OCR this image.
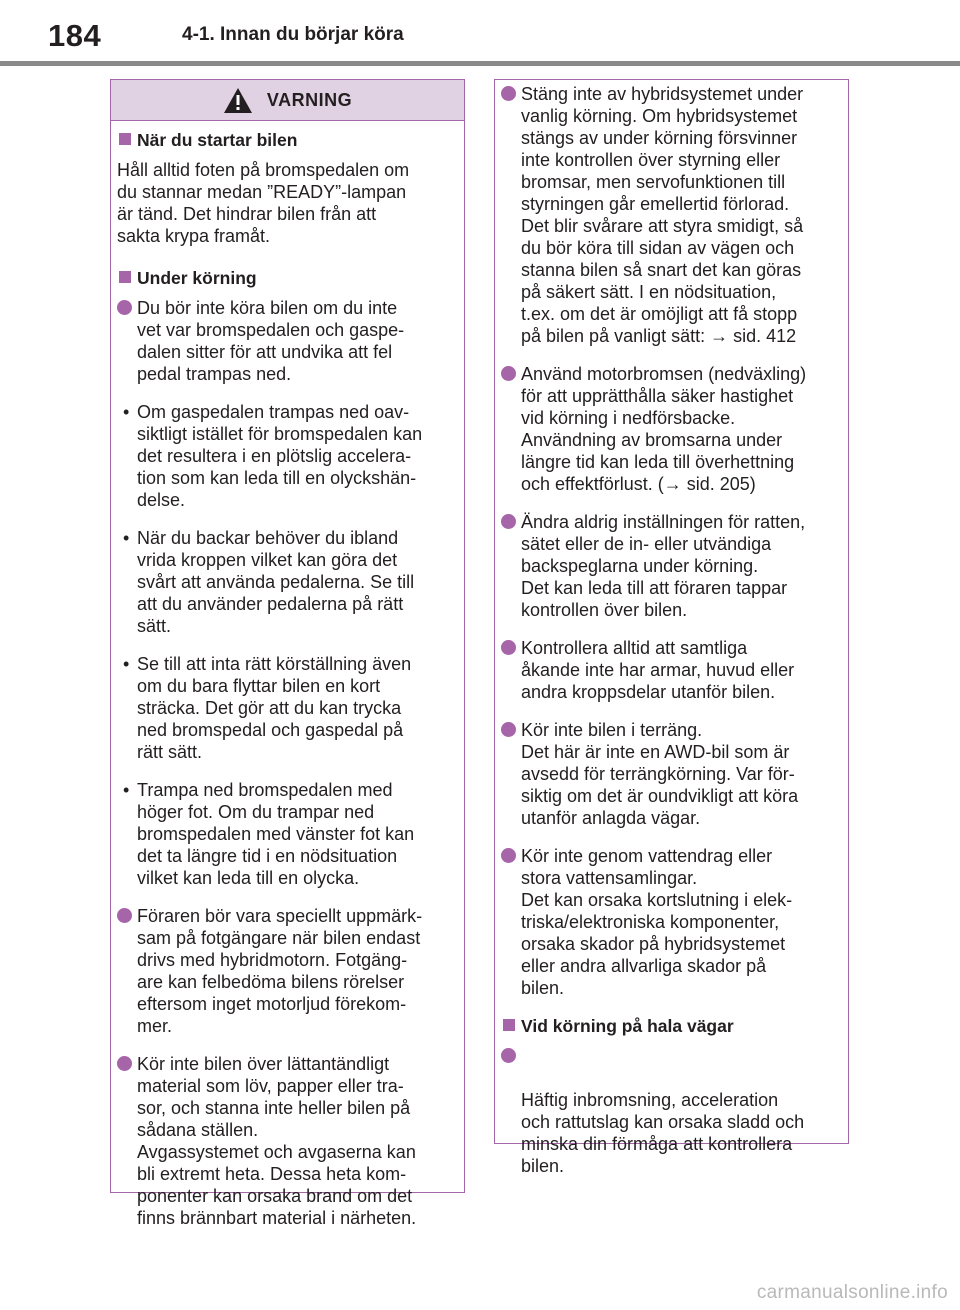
184	4-1. Innan du börjar köra
VARNING
När du startar bilen
Håll alltid foten på bromspedalen om
du stannar medan ”READY”-lampan
är tänd. Det hindrar bilen från att
sakta krypa framåt.
Under körning
Du bör inte köra bilen om du inte
vet var bromspedalen och gaspe-
dalen sitter för att undvika att fel
pedal trampas ned.
• Om gaspedalen trampas ned oav-
siktligt istället för bromspedalen kan
det resultera i en plötslig accelera-
tion som kan leda till en olyckshän-
delse.
• När du backar behöver du ibland
vrida kroppen vilket kan göra det
svårt att använda pedalerna. Se till
att du använder pedalerna på rätt
sätt.
• Se till att inta rätt körställning även
om du bara flyttar bilen en kort
sträcka. Det gör att du kan trycka
ned bromspedal och gaspedal på
rätt sätt.
• Trampa ned bromspedalen med
höger fot. Om du trampar ned
bromspedalen med vänster fot kan
det ta längre tid i en nödsituation
vilket kan leda till en olycka.
Föraren bör vara speciellt uppmärk-
sam på fotgängare när bilen endast
drivs med hybridmotorn. Fotgäng-
are kan felbedöma bilens rörelser
eftersom inget motorljud förekom-
mer.
Kör inte bilen över lättantändligt
material som löv, papper eller tra-
sor, och stanna inte heller bilen på
sådana ställen.
Avgassystemet och avgaserna kan
bli extremt heta. Dessa heta kom-
ponenter kan orsaka brand om det
finns brännbart material i närheten.
Stäng inte av hybridsystemet under
vanlig körning. Om hybridsystemet
stängs av under körning försvinner
inte kontrollen över styrning eller
bromsar, men servofunktionen till
styrningen går emellertid förlorad.
Det blir svårare att styra smidigt, så
du bör köra till sidan av vägen och
stanna bilen så snart det kan göras
på säkert sätt. I en nödsituation,
t.ex. om det är omöjligt att få stopp
på bilen på vanligt sätt: → sid. 412
Använd motorbromsen (nedväxling)
för att upprätthålla säker hastighet
vid körning i nedförsbacke.
Användning av bromsarna under
längre tid kan leda till överhettning
och effektförlust. (→ sid. 205)
Ändra aldrig inställningen för ratten,
sätet eller de in- eller utvändiga
backspeglarna under körning.
Det kan leda till att föraren tappar
kontrollen över bilen.
Kontrollera alltid att samtliga
åkande inte har armar, huvud eller
andra kroppsdelar utanför bilen.
Kör inte bilen i terräng.
Det här är inte en AWD-bil som är
avsedd för terrängkörning. Var för-
siktig om det är oundvikligt att köra
utanför anlagda vägar.
Kör inte genom vattendrag eller
stora vattensamlingar.
Det kan orsaka kortslutning i elek-
triska/elektroniska komponenter,
orsaka skador på hybridsystemet
eller andra allvarliga skador på
bilen.
Vid körning på hala vägar

Häftig inbromsning, acceleration
och rattutslag kan orsaka sladd och
minska din förmåga att kontrollera
bilen.

carmanualsonline.info
